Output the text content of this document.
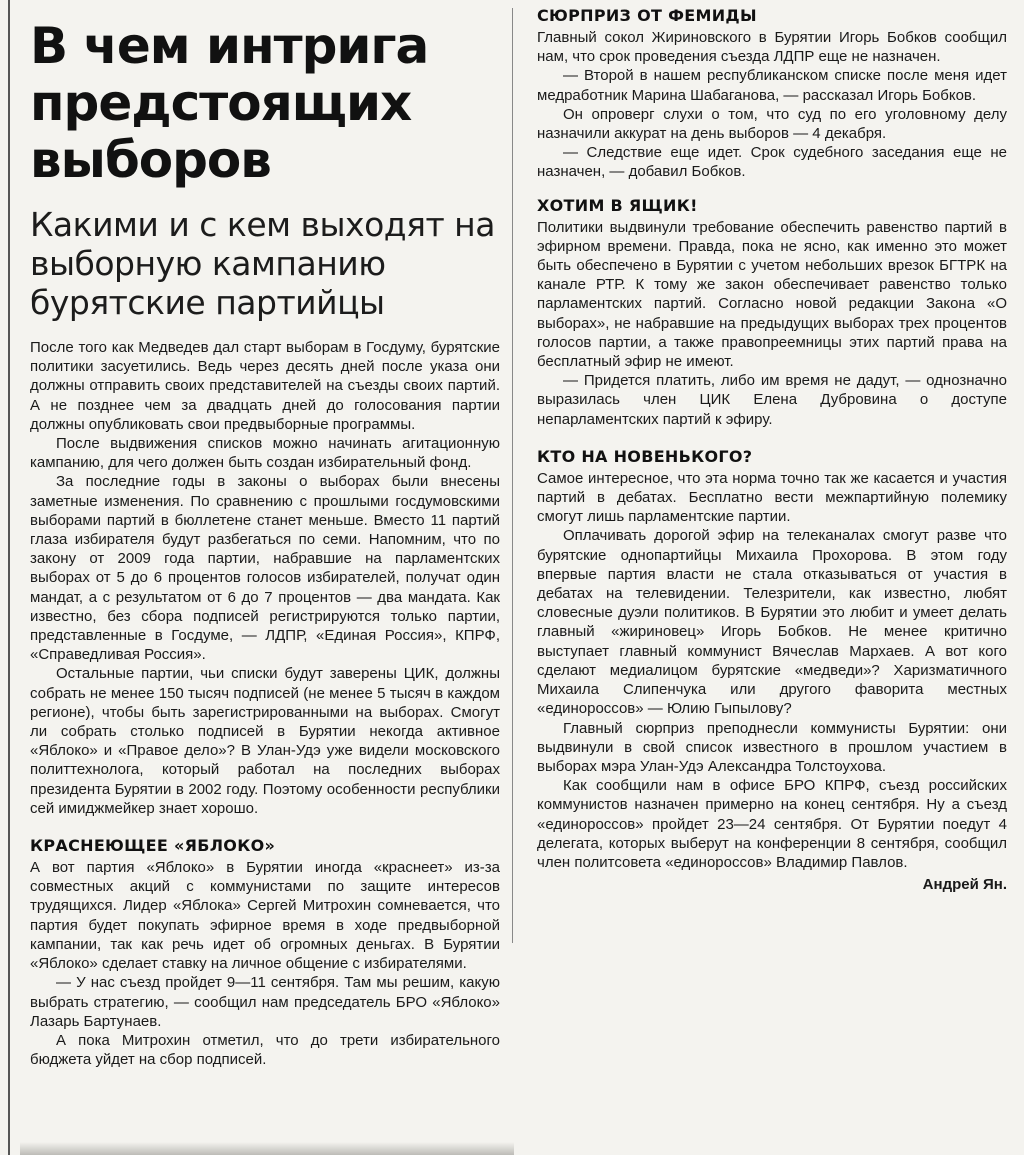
В чем интрига предстоящих выборов
Какими и с кем выходят на выборную кампанию бурятские партийцы

После того как Медведев дал старт выборам в Госдуму, бурятские политики засуетились. Ведь через десять дней после указа они должны отправить своих представителей на съезды своих партий. А не позднее чем за двадцать дней до голосования партии должны опубликовать свои предвыборные программы.

После выдвижения списков можно начинать агитационную кампанию, для чего должен быть создан избирательный фонд.

За последние годы в законы о выборах были внесены заметные изменения. По сравнению с прошлыми госдумовскими выборами партий в бюллетене станет меньше. Вместо 11 партий глаза избирателя будут разбегаться по семи. Напомним, что по закону от 2009 года партии, набравшие на парламентских выборах от 5 до 6 процентов голосов избирателей, получат один мандат, а с результатом от 6 до 7 процентов — два мандата. Как известно, без сбора подписей регистрируются только партии, представленные в Госдуме, — ЛДПР, «Единая Россия», КПРФ, «Справедливая Россия».

Остальные партии, чьи списки будут заверены ЦИК, должны собрать не менее 150 тысяч подписей (не менее 5 тысяч в каждом регионе), чтобы быть зарегистрированными на выборах. Смогут ли собрать столько подписей в Бурятии некогда активное «Яблоко» и «Правое дело»? В Улан-Удэ уже видели московского политтехнолога, который работал на последних выборах президента Бурятии в 2002 году. Поэтому особенности республики сей имиджмейкер знает хорошо.

КРАСНЕЮЩЕЕ «ЯБЛОКО»

А вот партия «Яблоко» в Бурятии иногда «краснеет» из-за совместных акций с коммунистами по защите интересов трудящихся. Лидер «Яблока» Сергей Митрохин сомневается, что партия будет покупать эфирное время в ходе предвыборной кампании, так как речь идет об огромных деньгах. В Бурятии «Яблоко» сделает ставку на личное общение с избирателями.

— У нас съезд пройдет 9—11 сентября. Там мы решим, какую выбрать стратегию, — сообщил нам председатель БРО «Яблоко» Лазарь Бартунаев.

А пока Митрохин отметил, что до трети избирательного бюджета уйдет на сбор подписей.

СЮРПРИЗ ОТ ФЕМИДЫ

Главный сокол Жириновского в Бурятии Игорь Бобков сообщил нам, что срок проведения съезда ЛДПР еще не назначен.

— Второй в нашем республиканском списке после меня идет медработник Марина Шабаганова, — рассказал Игорь Бобков.

Он опроверг слухи о том, что суд по его уголовному делу назначили аккурат на день выборов — 4 декабря.

— Следствие еще идет. Срок судебного заседания еще не назначен, — добавил Бобков.

ХОТИМ В ЯЩИК!

Политики выдвинули требование обеспечить равенство партий в эфирном времени. Правда, пока не ясно, как именно это может быть обеспечено в Бурятии с учетом небольших врезок БГТРК на канале РТР. К тому же закон обеспечивает равенство только парламентских партий. Согласно новой редакции Закона «О выборах», не набравшие на предыдущих выборах трех процентов голосов партии, а также правопреемницы этих партий права на бесплатный эфир не имеют.

— Придется платить, либо им время не дадут, — однозначно выразилась член ЦИК Елена Дубровина о доступе непарламентских партий к эфиру.

КТО НА НОВЕНЬКОГО?

Самое интересное, что эта норма точно так же касается и участия партий в дебатах. Бесплатно вести межпартийную полемику смогут лишь парламентские партии.

Оплачивать дорогой эфир на телеканалах смогут разве что бурятские однопартийцы Михаила Прохорова. В этом году впервые партия власти не стала отказываться от участия в дебатах на телевидении. Телезрители, как известно, любят словесные дуэли политиков. В Бурятии это любит и умеет делать главный «жириновец» Игорь Бобков. Не менее критично выступает главный коммунист Вячеслав Мархаев. А вот кого сделают медиалицом бурятские «медведи»? Харизматичного Михаила Слипенчука или другого фаворита местных «единороссов» — Юлию Гыпылову?

Главный сюрприз преподнесли коммунисты Бурятии: они выдвинули в свой список известного в прошлом участием в выборах мэра Улан-Удэ Александра Толстоухова.

Как сообщили нам в офисе БРО КПРФ, съезд российских коммунистов назначен примерно на конец сентября. Ну а съезд «единороссов» пройдет 23—24 сентября. От Бурятии поедут 4 делегата, которых выберут на конференции 8 сентября, сообщил член политсовета «единороссов» Владимир Павлов.

Андрей Ян.
